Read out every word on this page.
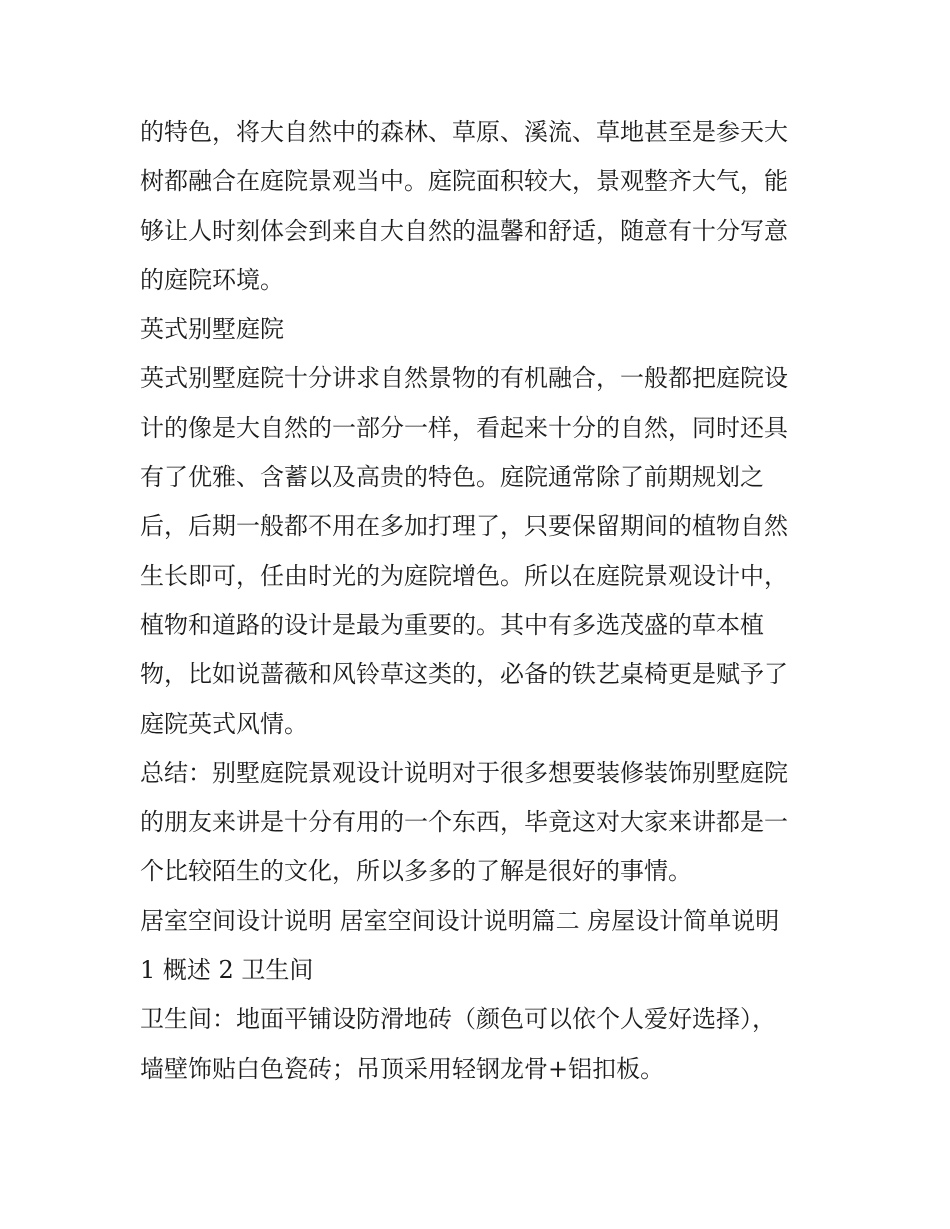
的特色，将大自然中的森林、草原、溪流、草地甚至是参天大
树都融合在庭院景观当中。庭院面积较大，景观整齐大气，能
够让人时刻体会到来自大自然的温馨和舒适，随意有十分写意
的庭院环境。

英式别墅庭院

英式别墅庭院十分讲求自然景物的有机融合，一般都把庭院设
计的像是大自然的一部分一样，看起来十分的自然，同时还具
有了优雅、含蓄以及高贵的特色。庭院通常除了前期规划之
后，后期一般都不用在多加打理了，只要保留期间的植物自然
生长即可，任由时光的为庭院增色。所以在庭院景观设计中，
植物和道路的设计是最为重要的。其中有多选茂盛的草本植
物，比如说蔷薇和风铃草这类的，必备的铁艺桌椅更是赋予了
庭院英式风情。

总结：别墅庭院景观设计说明对于很多想要装修装饰别墅庭院
的朋友来讲是十分有用的一个东西，毕竟这对大家来讲都是一
个比较陌生的文化，所以多多的了解是很好的事情。

居室空间设计说明 居室空间设计说明篇二 房屋设计简单说明
1 概述 2 卫生间

卫生间：地面平铺设防滑地砖（颜色可以依个人爱好选择），
墙壁饰贴白色瓷砖；吊顶采用轻钢龙骨+铝扣板。
